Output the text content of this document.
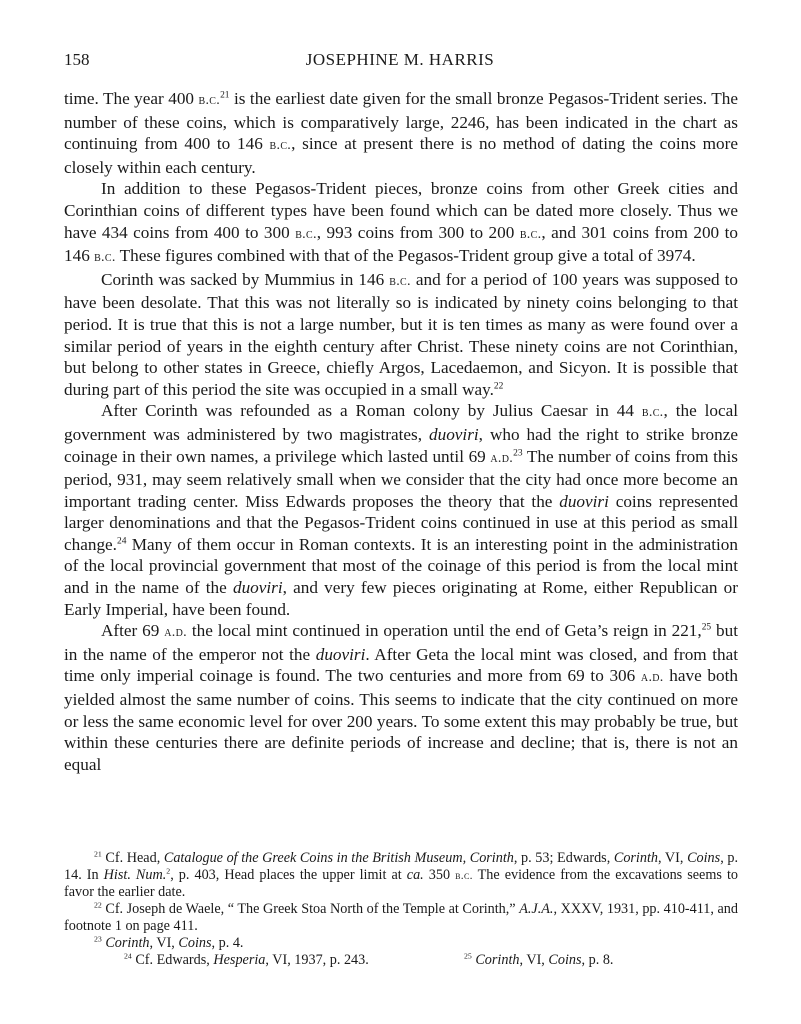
158	JOSEPHINE M. HARRIS

time. The year 400 b.c.$^{21}$ is the earliest date given for the small bronze Pegasos-Trident series. The number of these coins, which is comparatively large, 2246, has been indicated in the chart as continuing from 400 to 146 b.c., since at present there is no method of dating the coins more closely within each century.

In addition to these Pegasos-Trident pieces, bronze coins from other Greek cities and Corinthian coins of different types have been found which can be dated more closely. Thus we have 434 coins from 400 to 300 b.c., 993 coins from 300 to 200 b.c., and 301 coins from 200 to 146 b.c. These figures combined with that of the Pegasos-Trident group give a total of 3974.

Corinth was sacked by Mummius in 146 b.c. and for a period of 100 years was supposed to have been desolate. That this was not literally so is indicated by ninety coins belonging to that period. It is true that this is not a large number, but it is ten times as many as were found over a similar period of years in the eighth century after Christ. These ninety coins are not Corinthian, but belong to other states in Greece, chiefly Argos, Lacedaemon, and Sicyon. It is possible that during part of this period the site was occupied in a small way.$^{22}$

After Corinth was refounded as a Roman colony by Julius Caesar in 44 b.c., the local government was administered by two magistrates, duoviri, who had the right to strike bronze coinage in their own names, a privilege which lasted until 69 a.d.$^{23}$ The number of coins from this period, 931, may seem relatively small when we consider that the city had once more become an important trading center. Miss Edwards proposes the theory that the duoviri coins represented larger denominations and that the Pegasos-Trident coins continued in use at this period as small change.$^{24}$ Many of them occur in Roman contexts. It is an interesting point in the administration of the local provincial government that most of the coinage of this period is from the local mint and in the name of the duoviri, and very few pieces originating at Rome, either Republican or Early Imperial, have been found.

After 69 a.d. the local mint continued in operation until the end of Geta’s reign in 221,25 but in the name of the emperor not the duoviri. After Geta the local mint was closed, and from that time only imperial coinage is found. The two centuries and more from 69 to 306 a.d. have both yielded almost the same number of coins. This seems to indicate that the city continued on more or less the same economic level for over 200 years. To some extent this may probably be true, but within these centuries there are definite periods of increase and decline; that is, there is not an equal

$^{21}$ Cf. Head, Catalogue of the Greek Coins in the British Museum, Corinth, p. 53; Edwards, Corinth, VI, Coins, p. 14. In Hist. Num.$^2$, p. 403, Head places the upper limit at ca. 350 b.c. The evidence from the excavations seems to favor the earlier date.

$^{22}$ Cf. Joseph de Waele, “ The Greek Stoa North of the Temple at Corinth,” A.J.A., XXXV, 1931, pp. 410-411, and footnote 1 on page 411.

$^{23}$ Corinth, VI, Coins, p. 4.

$^{24}$ Cf. Edwards, Hesperia, VI, 1937, p. 243.	$^{25}$ Corinth, VI, Coins, p. 8.
